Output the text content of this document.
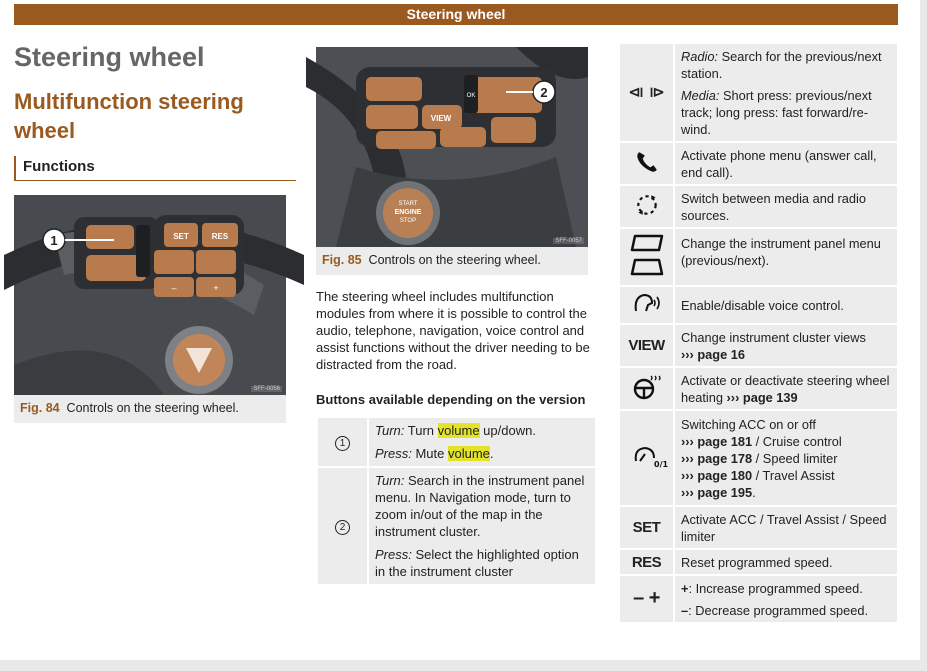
Steering wheel
Steering wheel
Multifunction steering wheel
Functions
SET	RES
–	+
1
SFF-0056
Fig. 84 Controls on the steering wheel.
VIEW
OK	2
START
ENGINE
STOP
SFF-0057
Fig. 85 Controls on the steering wheel.
The steering wheel includes multifunction modules from where it is possible to control the audio, telephone, navigation, voice control and assist functions without the driver needing to be distracted from the road.
Buttons available depending on the version
1	Turn: Turn volume up/down.

Press: Mute volume.

2	Turn: Search in the instrument panel menu. In Navigation mode, turn to zoom in/out of the map in the instrument cluster.

Press: Select the highlighted option in the instrument cluster

⧏ ⧐	Radio: Search for the previous/next station.
Media: Short press: previous/next track; long press: fast forward/re-wind.

	Activate phone menu (answer call, end call).
	Switch between media and radio sources.
	Change the instrument panel menu (previous/next).
	Enable/disable voice control.
VIEW	Change instrument cluster views
››› page 16
	Activate or deactivate steering wheel heating ››› page 139

0/1	Switching ACC on or off
››› page 181 / Cruise control
››› page 178 / Speed limiter
››› page 180 / Travel Assist
››› page 195.
SET	Activate ACC / Travel Assist / Speed limiter
RES	Reset programmed speed.
– +	+: Increase programmed speed.
–: Decrease programmed speed.
